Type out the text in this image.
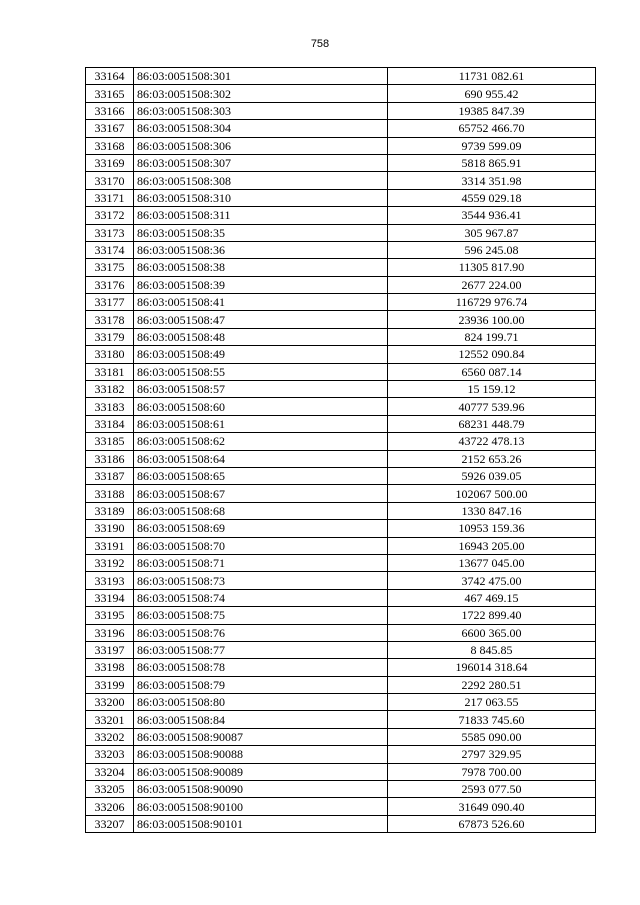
758
33164	86:03:0051508:301	11731 082.61
33165	86:03:0051508:302	690 955.42
33166	86:03:0051508:303	19385 847.39
33167	86:03:0051508:304	65752 466.70
33168	86:03:0051508:306	9739 599.09
33169	86:03:0051508:307	5818 865.91
33170	86:03:0051508:308	3314 351.98
33171	86:03:0051508:310	4559 029.18
33172	86:03:0051508:311	3544 936.41
33173	86:03:0051508:35	305 967.87
33174	86:03:0051508:36	596 245.08
33175	86:03:0051508:38	11305 817.90
33176	86:03:0051508:39	2677 224.00
33177	86:03:0051508:41	116729 976.74
33178	86:03:0051508:47	23936 100.00
33179	86:03:0051508:48	824 199.71
33180	86:03:0051508:49	12552 090.84
33181	86:03:0051508:55	6560 087.14
33182	86:03:0051508:57	15 159.12
33183	86:03:0051508:60	40777 539.96
33184	86:03:0051508:61	68231 448.79
33185	86:03:0051508:62	43722 478.13
33186	86:03:0051508:64	2152 653.26
33187	86:03:0051508:65	5926 039.05
33188	86:03:0051508:67	102067 500.00
33189	86:03:0051508:68	1330 847.16
33190	86:03:0051508:69	10953 159.36
33191	86:03:0051508:70	16943 205.00
33192	86:03:0051508:71	13677 045.00
33193	86:03:0051508:73	3742 475.00
33194	86:03:0051508:74	467 469.15
33195	86:03:0051508:75	1722 899.40
33196	86:03:0051508:76	6600 365.00
33197	86:03:0051508:77	8 845.85
33198	86:03:0051508:78	196014 318.64
33199	86:03:0051508:79	2292 280.51
33200	86:03:0051508:80	217 063.55
33201	86:03:0051508:84	71833 745.60
33202	86:03:0051508:90087	5585 090.00
33203	86:03:0051508:90088	2797 329.95
33204	86:03:0051508:90089	7978 700.00
33205	86:03:0051508:90090	2593 077.50
33206	86:03:0051508:90100	31649 090.40
33207	86:03:0051508:90101	67873 526.60
